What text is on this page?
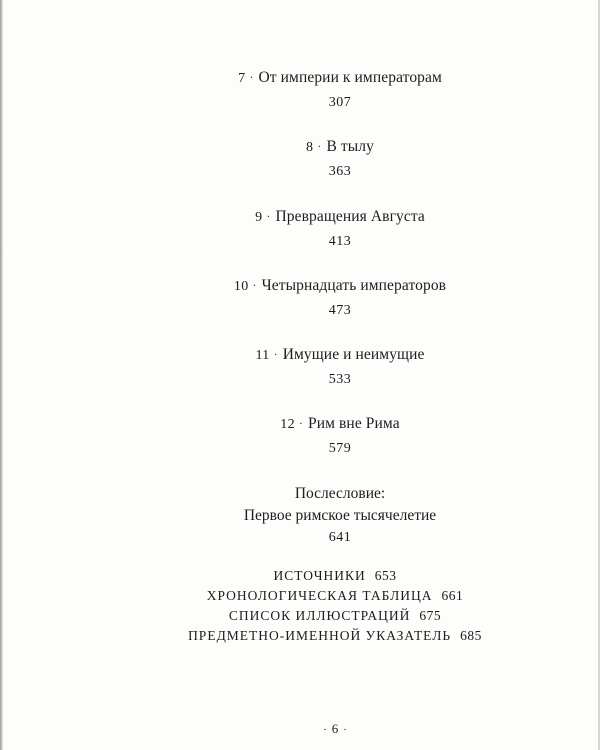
7 · От империи к императорам
307
8 · В тылу
363
9 · Превращения Августа
413
10 · Четырнадцать императоров
473
11 · Имущие и неимущие
533
12 · Рим вне Рима
579
Послесловие:
Первое римское тысячелетие
641
ИСТОЧНИКИ 653
ХРОНОЛОГИЧЕСКАЯ ТАБЛИЦА 661
СПИСОК ИЛЛЮСТРАЦИЙ 675
ПРЕДМЕТНО-ИМЕННОЙ УКАЗАТЕЛЬ 685
· 6 ·
